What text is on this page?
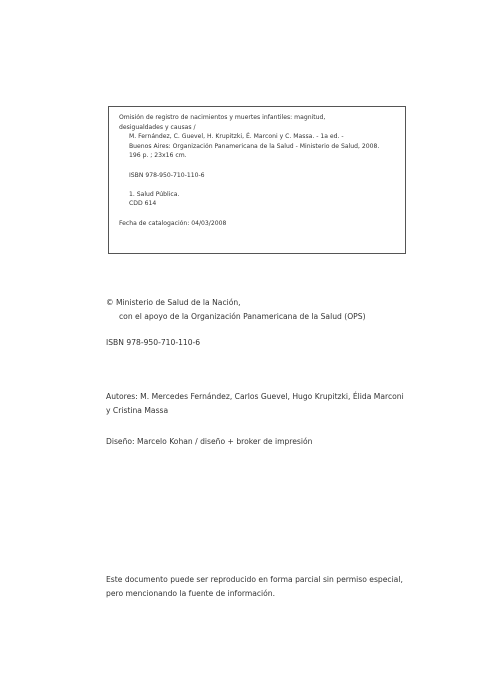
Omisión de registro de nacimientos y muertes infantiles: magnitud,

desigualdades y causas /

M. Fernández, C. Guevel, H. Krupitzki, É. Marconi y C. Massa. - 1a ed. -

Buenos Aires: Organización Panamericana de la Salud - Ministerio de Salud, 2008.

196 p. ; 23x16 cm.

ISBN 978-950-710-110-6

1. Salud Pública.

CDD 614

Fecha de catalogación: 04/03/2008

© Ministerio de Salud de la Nación,

con el apoyo de la Organización Panamericana de la Salud (OPS)

ISBN 978-950-710-110-6

Autores: M. Mercedes Fernández, Carlos Guevel, Hugo Krupitzki, Élida Marconi

y Cristina Massa

Diseño: Marcelo Kohan / diseño + broker de impresión

Este documento puede ser reproducido en forma parcial sin permiso especial,

pero mencionando la fuente de información.
